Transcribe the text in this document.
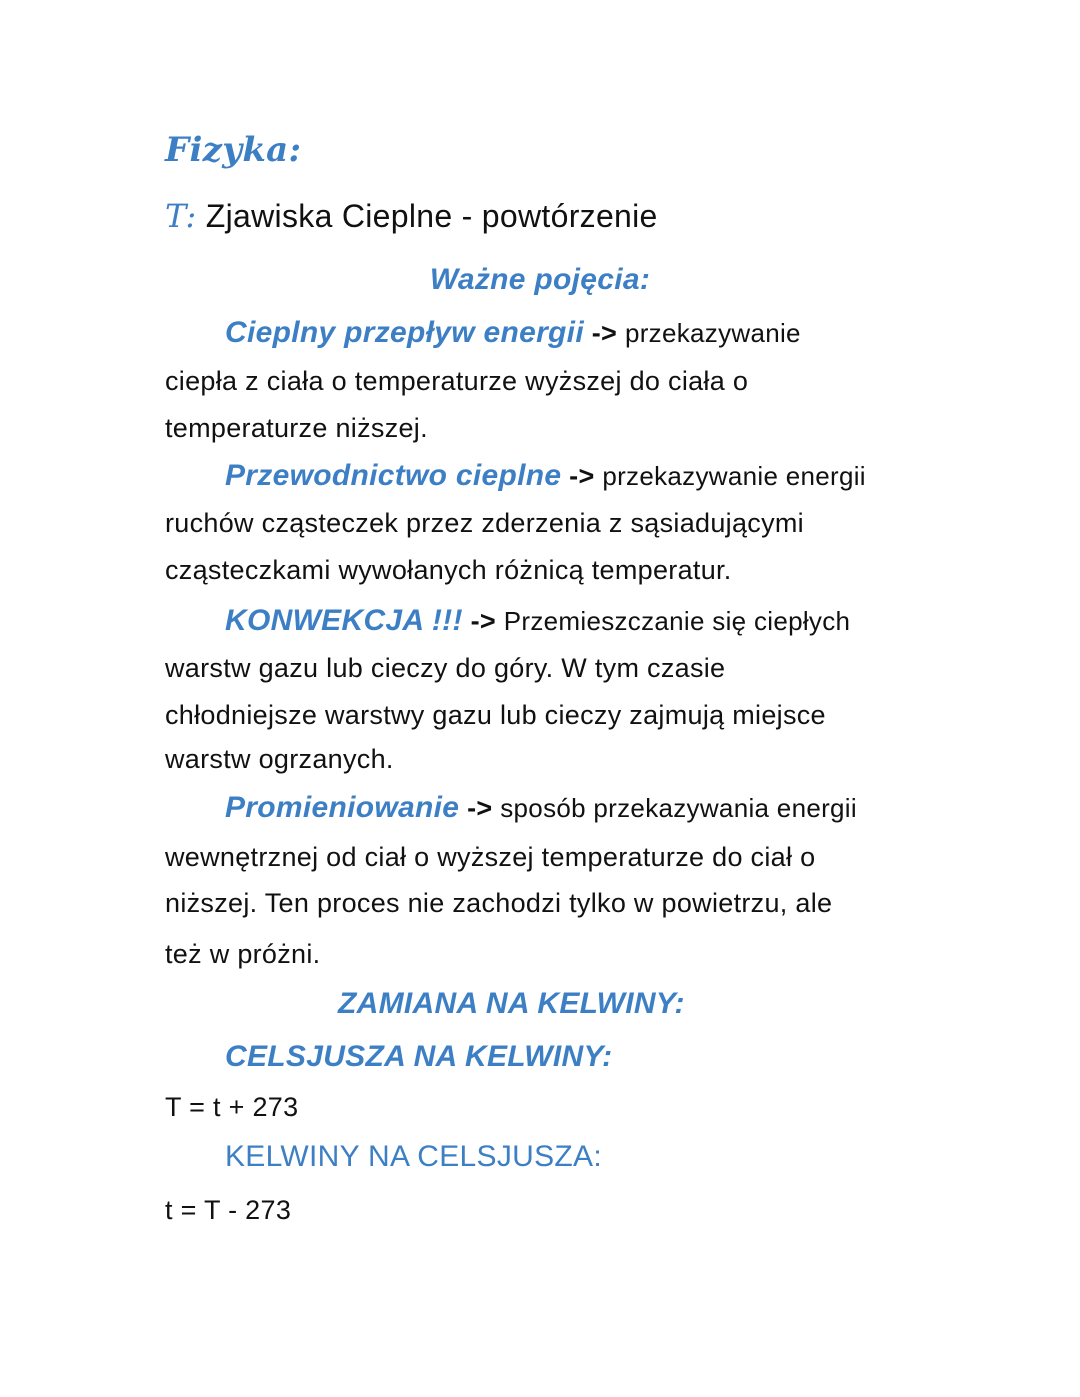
Fizyka:
T: Zjawiska Cieplne - powtórzenie
Ważne pojęcia:
Cieplny przepływ energii -> przekazywanie
ciepła z ciała o temperaturze wyższej do ciała o
temperaturze niższej.
Przewodnictwo cieplne -> przekazywanie energii
ruchów cząsteczek przez zderzenia z sąsiadującymi
cząsteczkami wywołanych różnicą temperatur.
KONWEKCJA !!! -> Przemieszczanie się ciepłych
warstw gazu lub cieczy do góry. W tym czasie
chłodniejsze warstwy gazu lub cieczy zajmują miejsce
warstw ogrzanych.
Promieniowanie -> sposób przekazywania energii
wewnętrznej od ciał o wyższej temperaturze do ciał o
niższej. Ten proces nie zachodzi tylko w powietrzu, ale
też w próżni.
ZAMIANA NA KELWINY:
CELSJUSZA NA KELWINY:
T = t + 273
KELWINY NA CELSJUSZA:
t = T - 273
